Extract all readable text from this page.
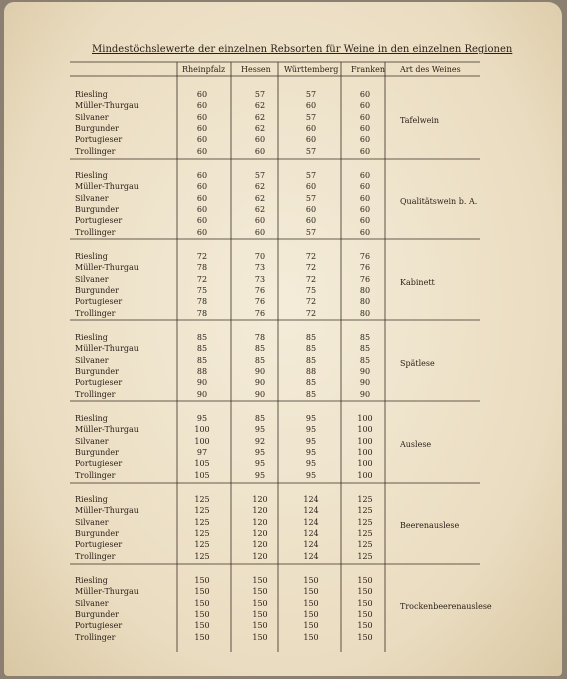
Mindestöchslewerte der einzelnen Rebsorten für Weine in den einzelnen Regionen
Rheinpfalz Hessen Württemberg Franken Art des Weines
Riesling	60	57	57	60
Müller-Thurgau	60	62	60	60
Silvaner	60	62	57	60
Burgunder	60	62	60	60
Portugieser	60	60	60	60
Trollinger	60	60	57	60
Tafelwein
Riesling	60	57	57	60
Müller-Thurgau	60	62	60	60
Silvaner	60	62	57	60
Burgunder	60	62	60	60
Portugieser	60	60	60	60
Trollinger	60	60	57	60
Qualitätswein b. A.
Riesling	72	70	72	76
Müller-Thurgau	78	73	72	76
Silvaner	72	73	72	76
Burgunder	75	76	75	80
Portugieser	78	76	72	80
Trollinger	78	76	72	80
Kabinett
Riesling	85	78	85	85
Müller-Thurgau	85	85	85	85
Silvaner	85	85	85	85
Burgunder	88	90	88	90
Portugieser	90	90	85	90
Trollinger	90	90	85	90
Spätlese
Riesling	95	85	95	100
Müller-Thurgau	100	95	95	100
Silvaner	100	92	95	100
Burgunder	97	95	95	100
Portugieser	105	95	95	100
Trollinger	105	95	95	100
Auslese
Riesling	125	120	124	125
Müller-Thurgau	125	120	124	125
Silvaner	125	120	124	125
Burgunder	125	120	124	125
Portugieser	125	120	124	125
Trollinger	125	120	124	125
Beerenauslese
Riesling	150	150	150	150
Müller-Thurgau	150	150	150	150
Silvaner	150	150	150	150
Burgunder	150	150	150	150
Portugieser	150	150	150	150
Trollinger	150	150	150	150
Trockenbeerenauslese
